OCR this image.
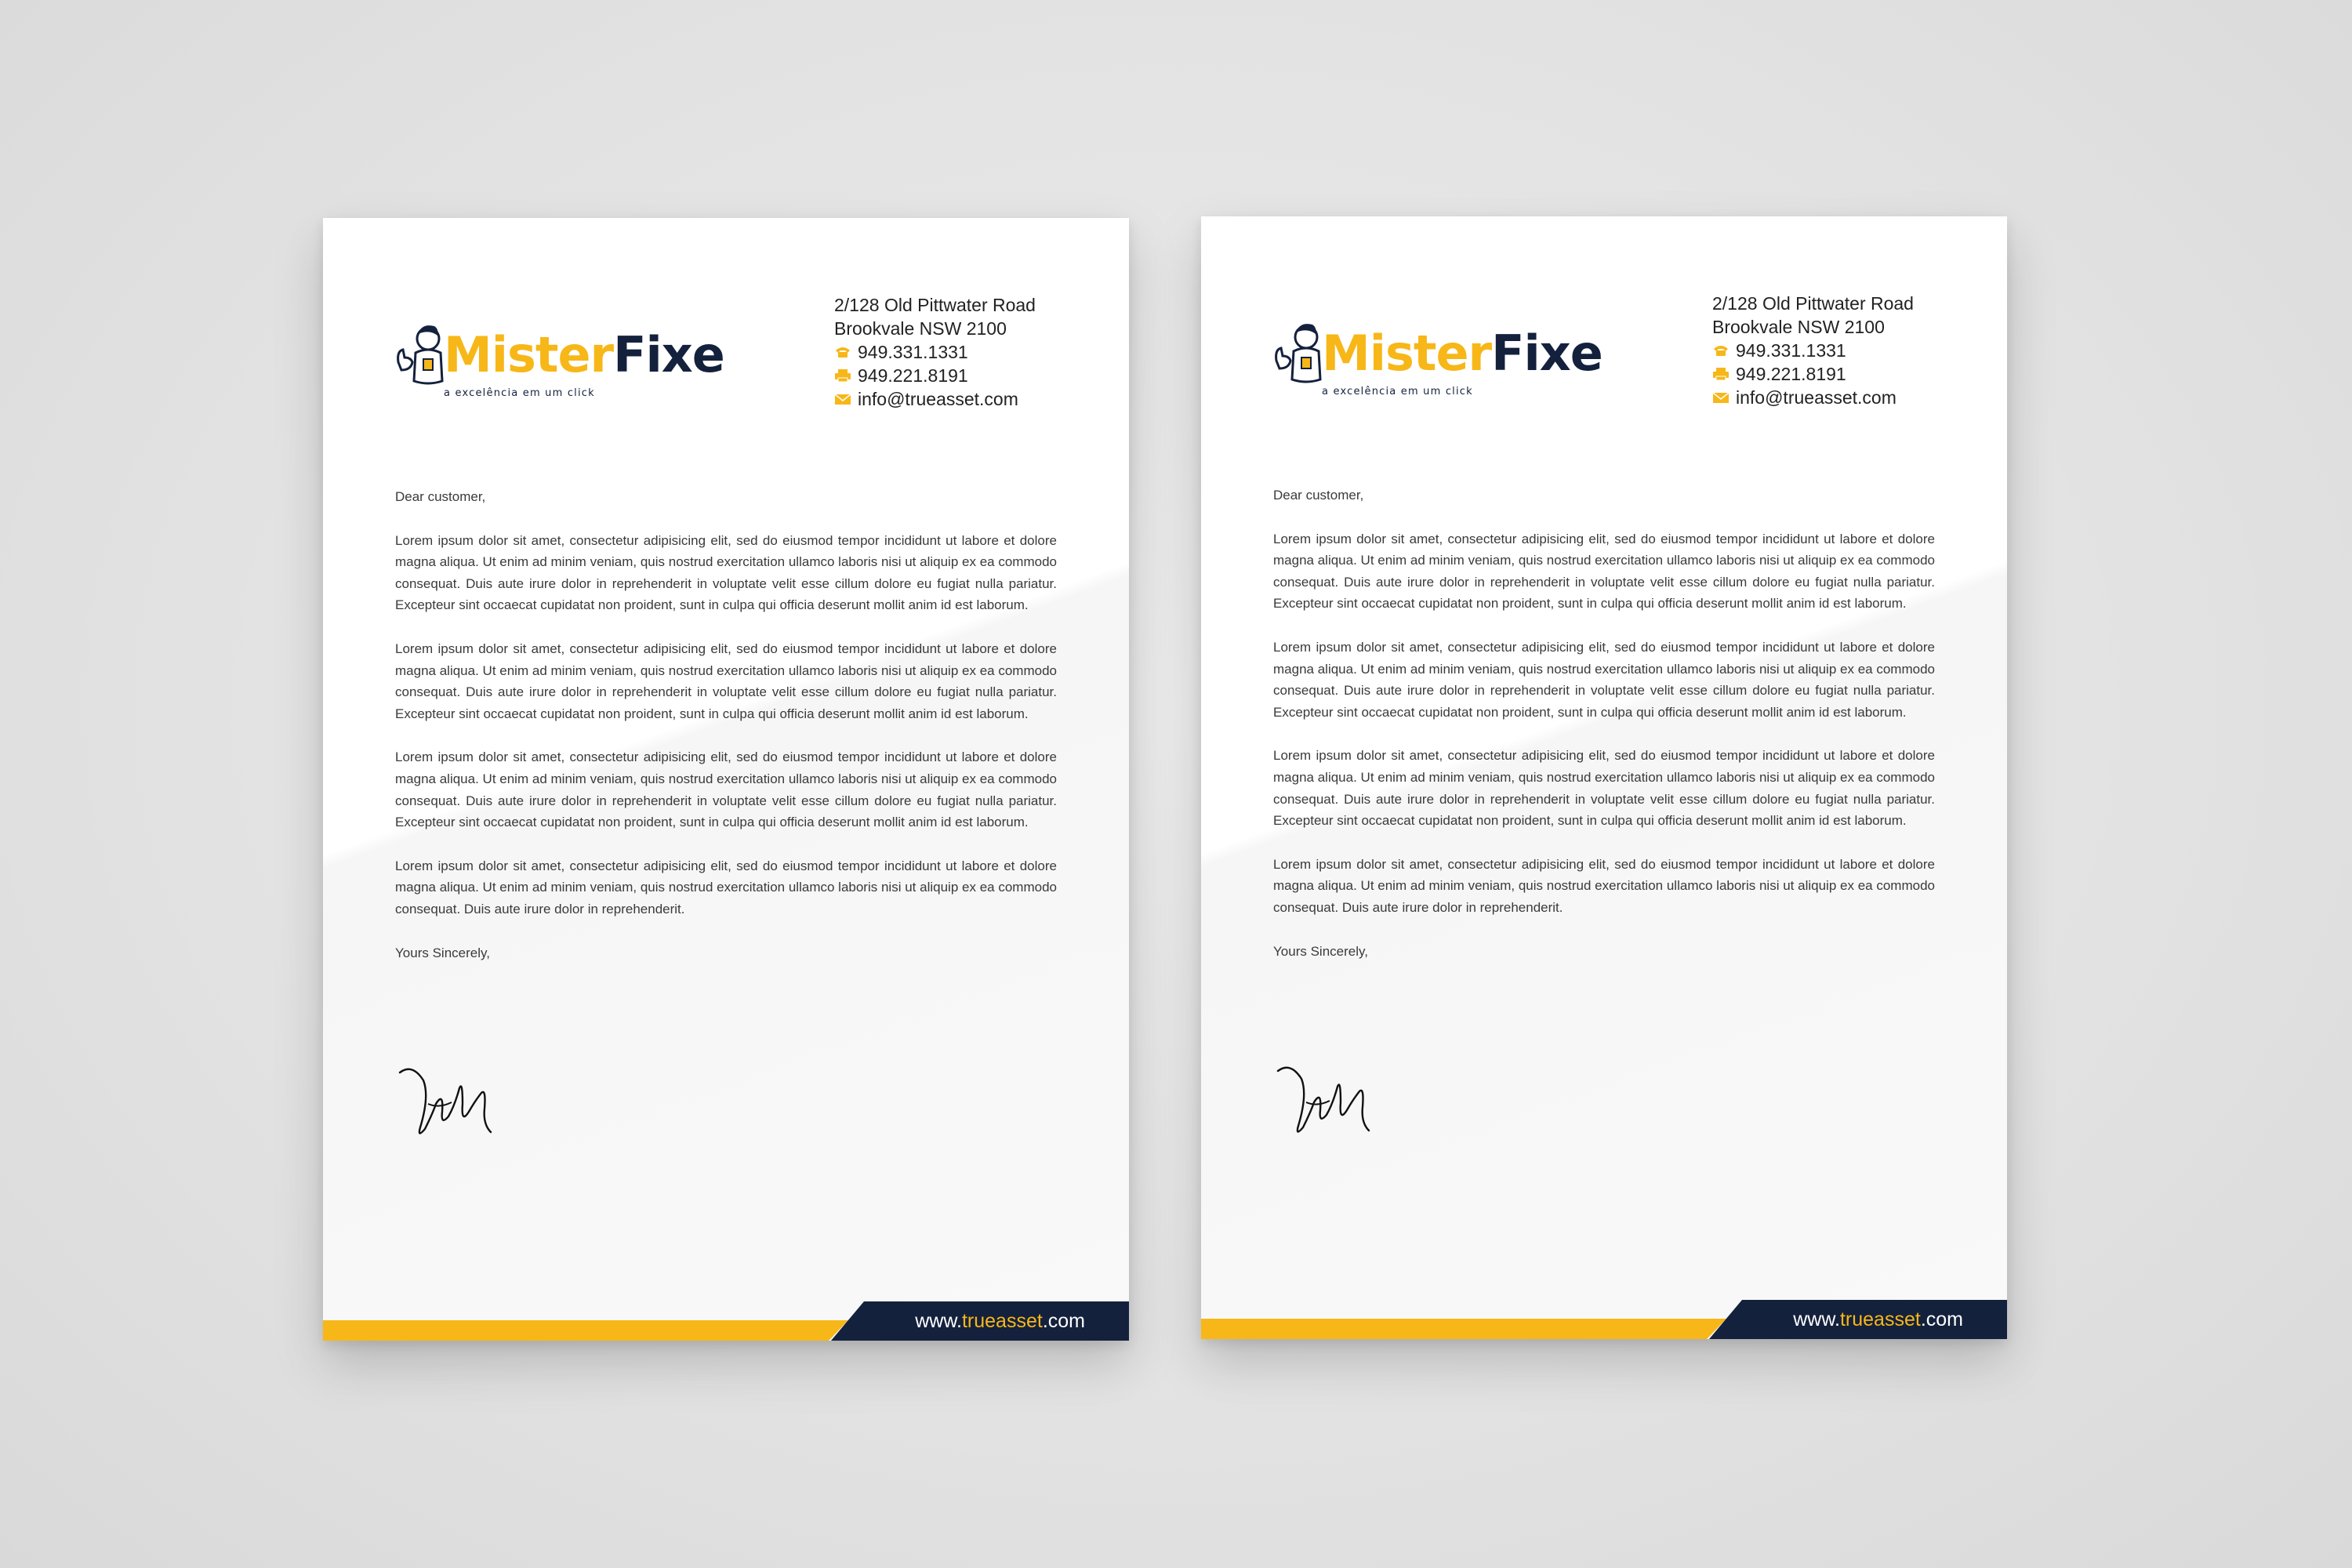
MisterFixe
a excelência em um click
2/128 Old Pittwater Road
Brookvale NSW 2100
949.331.1331
949.221.8191
info@trueasset.com

Dear customer,

Lorem ipsum dolor sit amet, consectetur adipisicing elit, sed do eiusmod tempor incididunt ut labore et dolore magna aliqua. Ut enim ad minim veniam, quis nostrud exercitation ullamco laboris nisi ut aliquip ex ea commodo consequat. Duis aute irure dolor in reprehenderit in voluptate velit esse cillum dolore eu fugiat nulla pariatur. Excepteur sint occaecat cupidatat non proident, sunt in culpa qui officia deserunt mollit anim id est laborum.

Lorem ipsum dolor sit amet, consectetur adipisicing elit, sed do eiusmod tempor incididunt ut labore et dolore magna aliqua. Ut enim ad minim veniam, quis nostrud exercitation ullamco laboris nisi ut aliquip ex ea commodo consequat. Duis aute irure dolor in reprehenderit in voluptate velit esse cillum dolore eu fugiat nulla pariatur. Excepteur sint occaecat cupidatat non proident, sunt in culpa qui officia deserunt mollit anim id est laborum.

Lorem ipsum dolor sit amet, consectetur adipisicing elit, sed do eiusmod tempor incididunt ut labore et dolore magna aliqua. Ut enim ad minim veniam, quis nostrud exercitation ullamco laboris nisi ut aliquip ex ea commodo consequat. Duis aute irure dolor in reprehenderit in voluptate velit esse cillum dolore eu fugiat nulla pariatur. Excepteur sint occaecat cupidatat non proident, sunt in culpa qui officia deserunt mollit anim id est laborum.

Lorem ipsum dolor sit amet, consectetur adipisicing elit, sed do eiusmod tempor incididunt ut labore et dolore magna aliqua. Ut enim ad minim veniam, quis nostrud exercitation ullamco laboris nisi ut aliquip ex ea commodo consequat. Duis aute irure dolor in reprehenderit.

Yours Sincerely,

www.trueasset.com
MisterFixe
a excelência em um click
2/128 Old Pittwater Road
Brookvale NSW 2100
949.331.1331
949.221.8191
info@trueasset.com

Dear customer,

Lorem ipsum dolor sit amet, consectetur adipisicing elit, sed do eiusmod tempor incididunt ut labore et dolore magna aliqua. Ut enim ad minim veniam, quis nostrud exercitation ullamco laboris nisi ut aliquip ex ea commodo consequat. Duis aute irure dolor in reprehenderit in voluptate velit esse cillum dolore eu fugiat nulla pariatur. Excepteur sint occaecat cupidatat non proident, sunt in culpa qui officia deserunt mollit anim id est laborum.

Lorem ipsum dolor sit amet, consectetur adipisicing elit, sed do eiusmod tempor incididunt ut labore et dolore magna aliqua. Ut enim ad minim veniam, quis nostrud exercitation ullamco laboris nisi ut aliquip ex ea commodo consequat. Duis aute irure dolor in reprehenderit in voluptate velit esse cillum dolore eu fugiat nulla pariatur. Excepteur sint occaecat cupidatat non proident, sunt in culpa qui officia deserunt mollit anim id est laborum.

Lorem ipsum dolor sit amet, consectetur adipisicing elit, sed do eiusmod tempor incididunt ut labore et dolore magna aliqua. Ut enim ad minim veniam, quis nostrud exercitation ullamco laboris nisi ut aliquip ex ea commodo consequat. Duis aute irure dolor in reprehenderit in voluptate velit esse cillum dolore eu fugiat nulla pariatur. Excepteur sint occaecat cupidatat non proident, sunt in culpa qui officia deserunt mollit anim id est laborum.

Lorem ipsum dolor sit amet, consectetur adipisicing elit, sed do eiusmod tempor incididunt ut labore et dolore magna aliqua. Ut enim ad minim veniam, quis nostrud exercitation ullamco laboris nisi ut aliquip ex ea commodo consequat. Duis aute irure dolor in reprehenderit.

Yours Sincerely,

www.trueasset.com
